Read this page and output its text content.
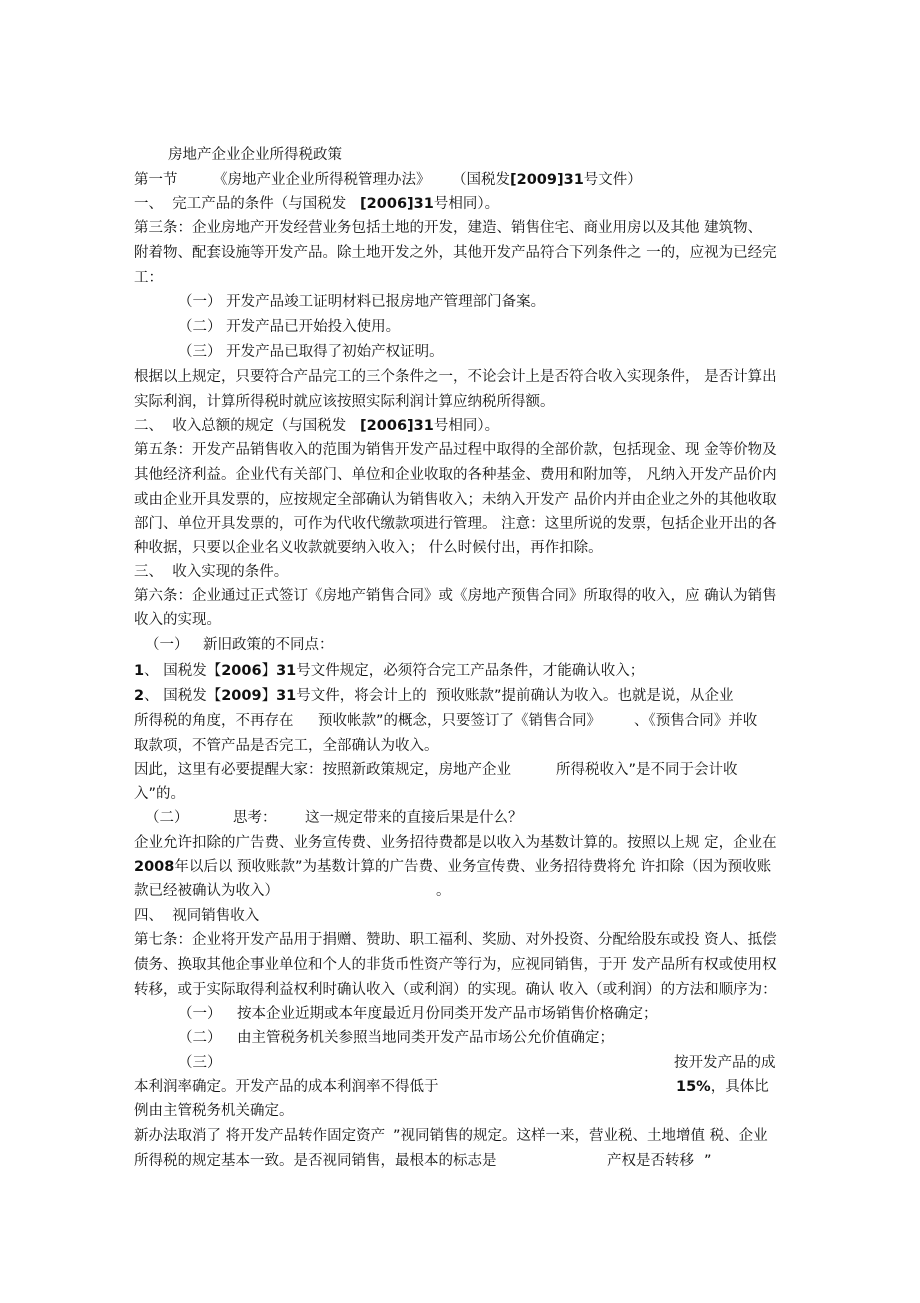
房地产企业企业所得税政策
第一节 《房地产业企业所得税管理办法》 （国税发[2009]31号文件）
一、 完工产品的条件（与国税发 [2006]31号相同）。
第三条：企业房地产开发经营业务包括土地的开发，建造、销售住宅、商业用房以及其他 建筑物、
附着物、配套设施等开发产品。除土地开发之外，其他开发产品符合下列条件之 一的，应视为已经完
工：
（一） 开发产品竣工证明材料已报房地产管理部门备案。
（二） 开发产品已开始投入使用。
（三） 开发产品已取得了初始产权证明。
根据以上规定，只要符合产品完工的三个条件之一，不论会计上是否符合收入实现条件， 是否计算出
实际利润，计算所得税时就应该按照实际利润计算应纳税所得额。
二、 收入总额的规定（与国税发 [2006]31号相同）。
第五条：开发产品销售收入的范围为销售开发产品过程中取得的全部价款，包括现金、现 金等价物及
其他经济利益。企业代有关部门、单位和企业收取的各种基金、费用和附加等， 凡纳入开发产品价内
或由企业开具发票的，应按规定全部确认为销售收入；未纳入开发产 品价内并由企业之外的其他收取
部门、单位开具发票的，可作为代收代缴款项进行管理。 注意：这里所说的发票，包括企业开出的各
种收据，只要以企业名义收款就要纳入收入； 什么时候付出，再作扣除。
三、 收入实现的条件。
第六条：企业通过正式签订《房地产销售合同》或《房地产预售合同》所取得的收入，应 确认为销售
收入的实现。
（一） 新旧政策的不同点：
1、 国税发【2006】31号文件规定，必须符合完工产品条件，才能确认收入；
2、 国税发【2009】31号文件，将会计上的 预收账款”提前确认为收入。也就是说，从企业
所得税的角度，不再存在 预收帐款”的概念，只要签订了《销售合同》 、《预售合同》并收
取款项，不管产品是否完工，全部确认为收入。
因此，这里有必要提醒大家：按照新政策规定，房地产企业	所得税收入”是不同于会计收
入”的。
（二）	思考： 这一规定带来的直接后果是什么？
企业允许扣除的广告费、业务宣传费、业务招待费都是以收入为基数计算的。按照以上规 定，企业在
2008年以后以 预收账款”为基数计算的广告费、业务宣传费、业务招待费将允 许扣除（因为预收账
款已经被确认为收入）	。
四、 视同销售收入
第七条：企业将开发产品用于捐赠、赞助、职工福利、奖励、对外投资、分配给股东或投 资人、抵偿
债务、换取其他企事业单位和个人的非货币性资产等行为，应视同销售，于开 发产品所有权或使用权
转移，或于实际取得利益权利时确认收入（或利润）的实现。确认 收入（或利润）的方法和顺序为：
（一） 按本企业近期或本年度最近月份同类开发产品市场销售价格确定；
（二） 由主管税务机关参照当地同类开发产品市场公允价值确定；
（三）	按开发产品的成
本利润率确定。开发产品的成本利润率不得低于	15%，具体比
例由主管税务机关确定。
新办法取消了 将开发产品转作固定资产 ”视同销售的规定。这样一来，营业税、土地增值 税、企业
所得税的规定基本一致。是否视同销售，最根本的标志是	产权是否转移 ”
